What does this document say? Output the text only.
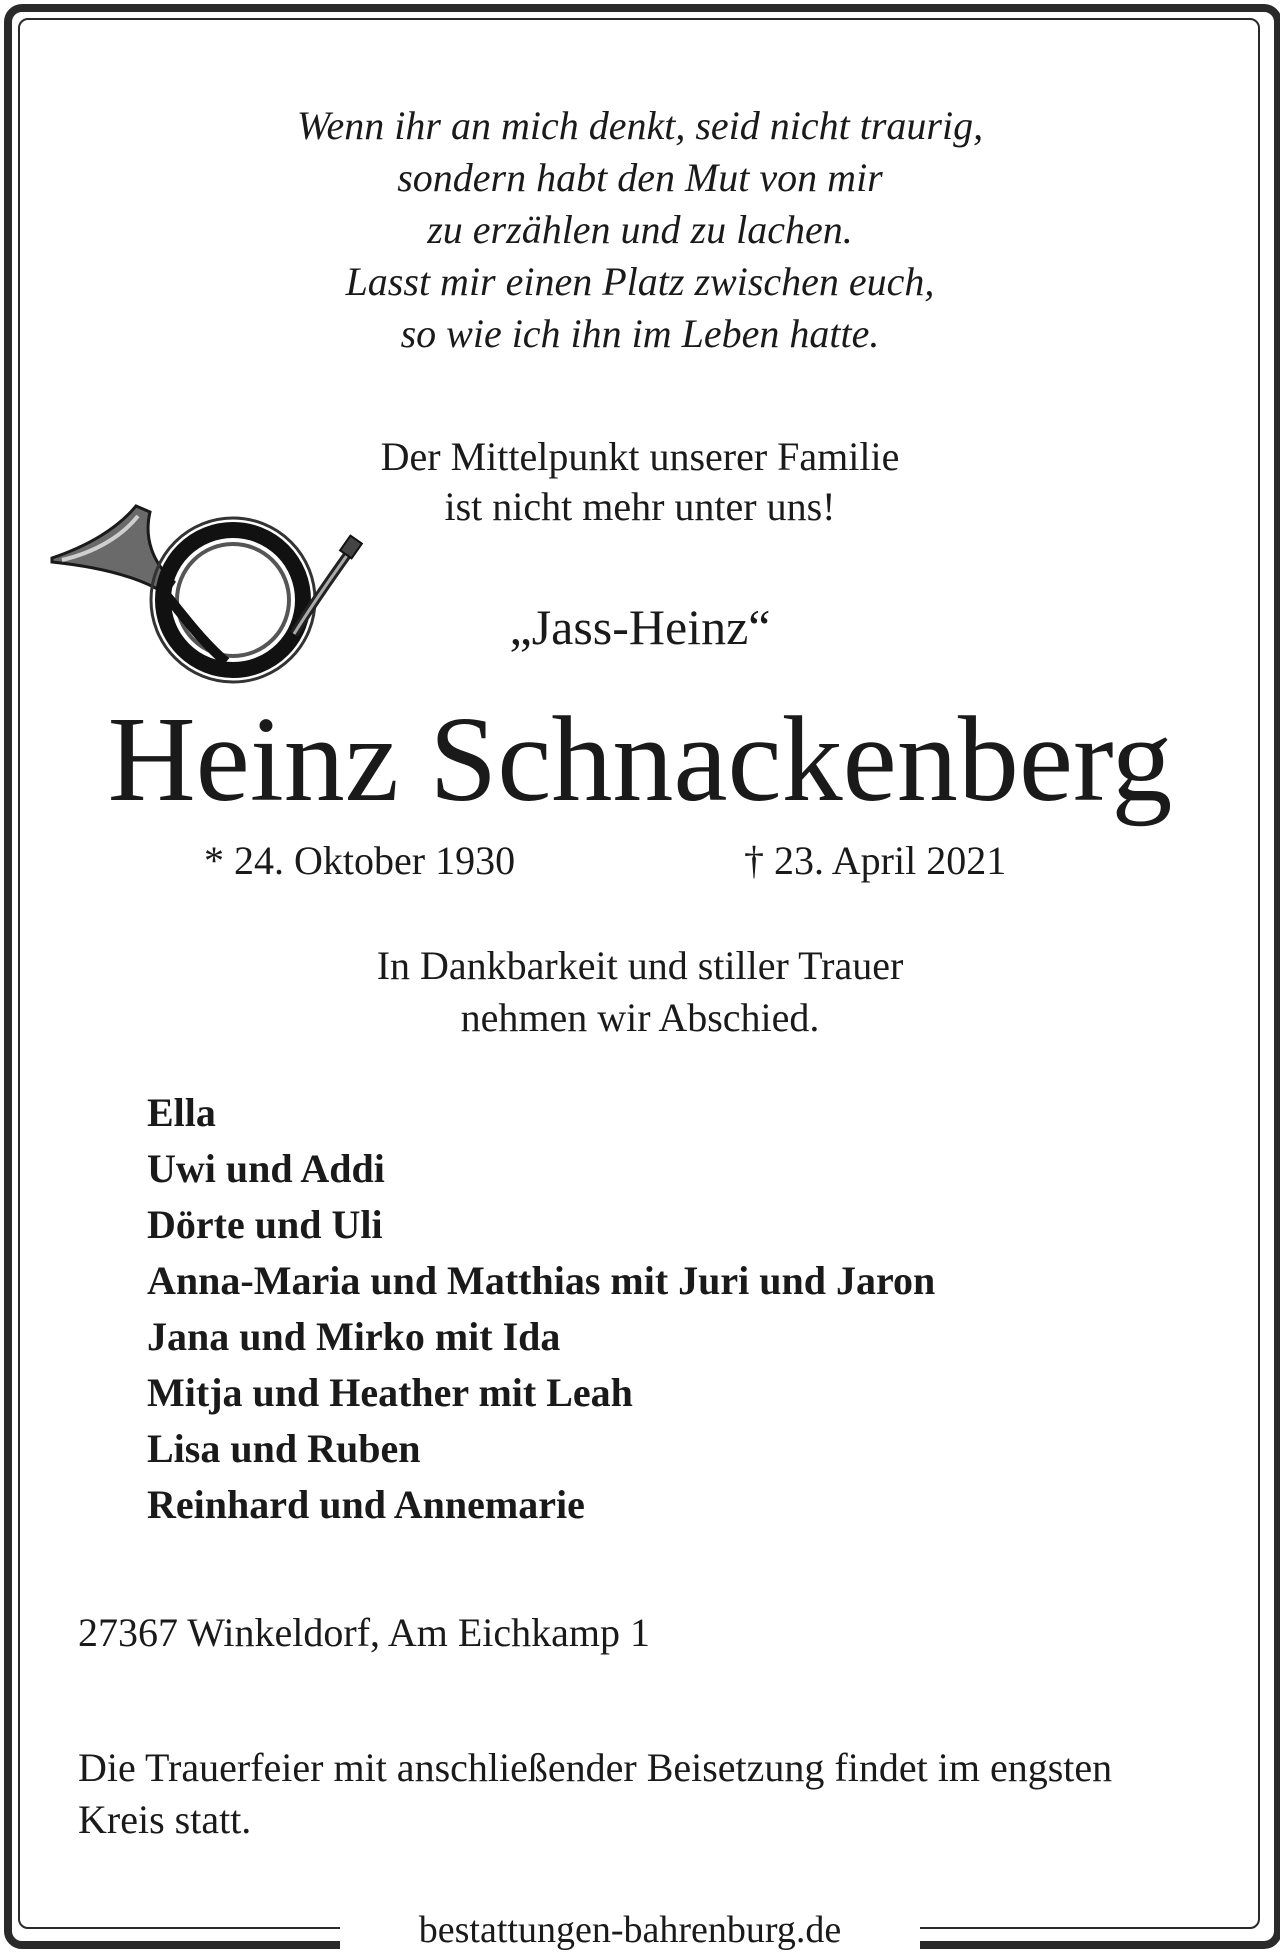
Wenn ihr an mich denkt, seid nicht traurig,
sondern habt den Mut von mir
zu erzählen und zu lachen.
Lasst mir einen Platz zwischen euch,
so wie ich ihn im Leben hatte.
Der Mittelpunkt unserer Familie
ist nicht mehr unter uns!
„Jass-Heinz“
Heinz Schnackenberg
* 24. Oktober 1930	† 23. April 2021
In Dankbarkeit und stiller Trauer
nehmen wir Abschied.
Ella
Uwi und Addi
Dörte und Uli
Anna-Maria und Matthias mit Juri und Jaron
Jana und Mirko mit Ida
Mitja und Heather mit Leah
Lisa und Ruben
Reinhard und Annemarie
27367 Winkeldorf, Am Eichkamp 1
Die Trauerfeier mit anschließender Beisetzung findet im engsten Kreis statt.
bestattungen-bahrenburg.de
